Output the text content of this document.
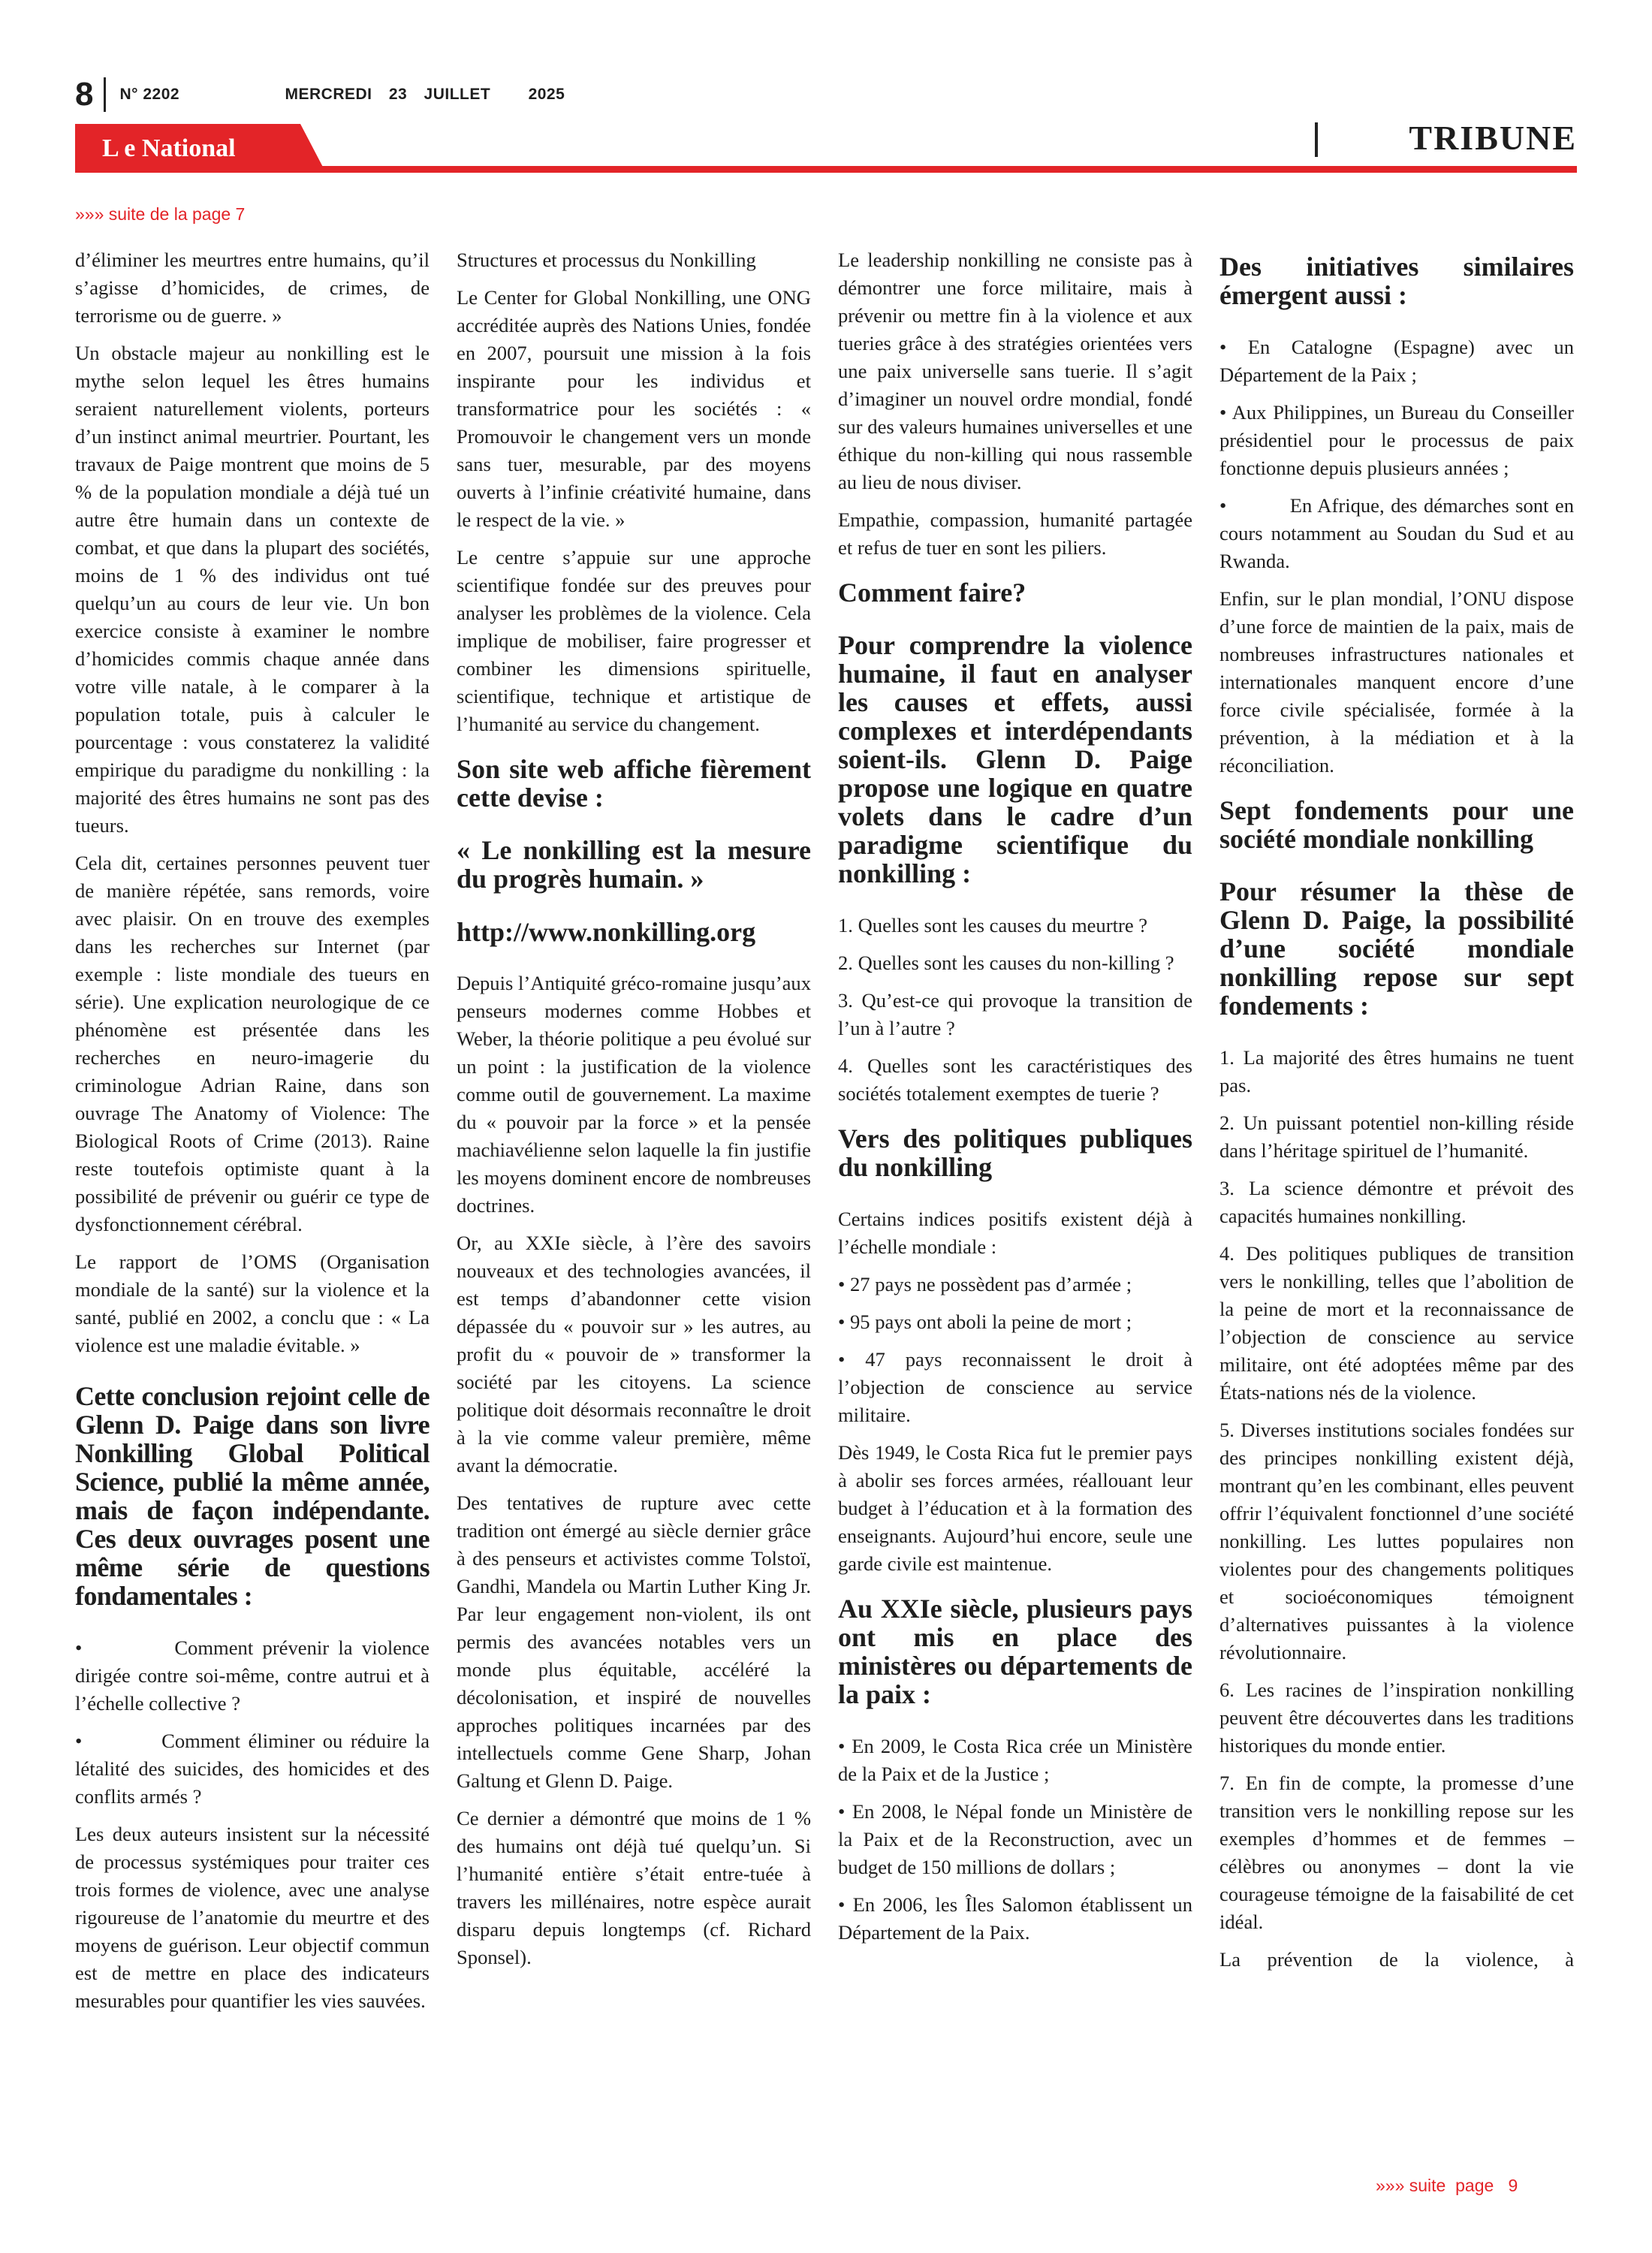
8 N° 2202	MERCREDI 23 JUILLET 2025
L e National	TRIBUNE
»»» suite de la page 7

d’éliminer les meurtres entre humains, qu’il s’agisse d’homicides, de crimes, de terrorisme ou de guerre. »

Un obstacle majeur au nonkilling est le mythe selon lequel les êtres humains seraient naturellement violents, porteurs d’un instinct animal meurtrier. Pourtant, les travaux de Paige montrent que moins de 5 % de la population mondiale a déjà tué un autre être humain dans un contexte de combat, et que dans la plupart des sociétés, moins de 1 % des individus ont tué quelqu’un au cours de leur vie. Un bon exercice consiste à examiner le nombre d’homicides commis chaque année dans votre ville natale, à le comparer à la population totale, puis à calculer le pourcentage : vous constaterez la validité empirique du paradigme du nonkilling : la majorité des êtres humains ne sont pas des tueurs.

Cela dit, certaines personnes peuvent tuer de manière répétée, sans remords, voire avec plaisir. On en trouve des exemples dans les recherches sur Internet (par exemple : liste mondiale des tueurs en série). Une explication neurologique de ce phénomène est présentée dans les recherches en neuro-imagerie du criminologue Adrian Raine, dans son ouvrage The Anatomy of Violence: The Biological Roots of Crime (2013). Raine reste toutefois optimiste quant à la possibilité de prévenir ou guérir ce type de dysfonctionnement cérébral.

Le rapport de l’OMS (Organisation mondiale de la santé) sur la violence et la santé, publié en 2002, a conclu que : « La violence est une maladie évitable. »

Cette conclusion rejoint celle de Glenn D. Paige dans son livre Nonkilling Global Political Science, publié la même année, mais de façon indépendante. Ces deux ouvrages posent une même série de questions fondamentales :

•          Comment prévenir la violence dirigée contre soi-même, contre autrui et à l’échelle collective ?

•          Comment éliminer ou réduire la létalité des suicides, des homicides et des conflits armés ?

Les deux auteurs insistent sur la nécessité de processus systémiques pour traiter ces trois formes de violence, avec une analyse rigoureuse de l’anatomie du meurtre et des moyens de guérison. Leur objectif commun est de mettre en place des indicateurs mesurables pour quantifier les vies sauvées.

Structures et processus du Nonkilling

Le Center for Global Nonkilling, une ONG accréditée auprès des Nations Unies, fondée en 2007, poursuit une mission à la fois inspirante pour les individus et transformatrice pour les sociétés : « Promouvoir le changement vers un monde sans tuer, mesurable, par des moyens ouverts à l’infinie créativité humaine, dans le respect de la vie. »

Le centre s’appuie sur une approche scientifique fondée sur des preuves pour analyser les problèmes de la violence. Cela implique de mobiliser, faire progresser et combiner les dimensions spirituelle, scientifique, technique et artistique de l’humanité au service du changement.

Son site web affiche fièrement cette devise :
« Le nonkilling est la mesure du progrès humain. »
http://www.nonkilling.org

Depuis l’Antiquité gréco-romaine jusqu’aux penseurs modernes comme Hobbes et Weber, la théorie politique a peu évolué sur un point : la justification de la violence comme outil de gouvernement. La maxime du « pouvoir par la force » et la pensée machiavélienne selon laquelle la fin justifie les moyens dominent encore de nombreuses doctrines.

Or, au XXIe siècle, à l’ère des savoirs nouveaux et des technologies avancées, il est temps d’abandonner cette vision dépassée du « pouvoir sur » les autres, au profit du « pouvoir de » transformer la société par les citoyens. La science politique doit désormais reconnaître le droit à la vie comme valeur première, même avant la démocratie.

Des tentatives de rupture avec cette tradition ont émergé au siècle dernier grâce à des penseurs et activistes comme Tolstoï, Gandhi, Mandela ou Martin Luther King Jr. Par leur engagement non-violent, ils ont permis des avancées notables vers un monde plus équitable, accéléré la décolonisation, et inspiré de nouvelles approches politiques incarnées par des intellectuels comme Gene Sharp, Johan Galtung et Glenn D. Paige.

Ce dernier a démontré que moins de 1 % des humains ont déjà tué quelqu’un. Si l’humanité entière s’était entre-tuée à travers les millénaires, notre espèce aurait disparu depuis longtemps (cf. Richard Sponsel).

Le leadership nonkilling ne consiste pas à démontrer une force militaire, mais à prévenir ou mettre fin à la violence et aux tueries grâce à des stratégies orientées vers une paix universelle sans tuerie. Il s’agit d’imaginer un nouvel ordre mondial, fondé sur des valeurs humaines universelles et une éthique du non-killing qui nous rassemble au lieu de nous diviser.

Empathie, compassion, humanité partagée et refus de tuer en sont les piliers.

Comment faire?
Pour comprendre la violence humaine, il faut en analyser les causes et effets, aussi complexes et interdépendants soient-ils. Glenn D. Paige propose une logique en quatre volets dans le cadre d’un paradigme scientifique du nonkilling :

1. Quelles sont les causes du meurtre ?

2. Quelles sont les causes du non-killing ?

3. Qu’est-ce qui provoque la transition de l’un à l’autre ?

4. Quelles sont les caractéristiques des sociétés totalement exemptes de tuerie ?

Vers des politiques publiques du nonkilling

Certains indices positifs existent déjà à l’échelle mondiale :

• 27 pays ne possèdent pas d’armée ;

• 95 pays ont aboli la peine de mort ;

• 47 pays reconnaissent le droit à l’objection de conscience au service militaire.

Dès 1949, le Costa Rica fut le premier pays à abolir ses forces armées, réallouant leur budget à l’éducation et à la formation des enseignants. Aujourd’hui encore, seule une garde civile est maintenue.

Au XXIe siècle, plusieurs pays ont mis en place des ministères ou départements de la paix :

• En 2009, le Costa Rica crée un Ministère de la Paix et de la Justice ;

• En 2008, le Népal fonde un Ministère de la Paix et de la Reconstruction, avec un budget de 150 millions de dollars ;

• En 2006, les Îles Salomon établissent un Département de la Paix.

Des initiatives similaires émergent aussi :

• En Catalogne (Espagne) avec un Département de la Paix ;

• Aux Philippines, un Bureau du Conseiller présidentiel pour le processus de paix fonctionne depuis plusieurs années ;

•          En Afrique, des démarches sont en cours notamment au Soudan du Sud et au Rwanda.

Enfin, sur le plan mondial, l’ONU dispose d’une force de maintien de la paix, mais de nombreuses infrastructures nationales et internationales manquent encore d’une force civile spécialisée, formée à la prévention, à la médiation et à la réconciliation.

Sept fondements pour une société mondiale nonkilling
Pour résumer la thèse de Glenn D. Paige, la possibilité d’une société mondiale nonkilling repose sur sept fondements :

1. La majorité des êtres humains ne tuent pas.

2. Un puissant potentiel non-killing réside dans l’héritage spirituel de l’humanité.

3. La science démontre et prévoit des capacités humaines nonkilling.

4. Des politiques publiques de transition vers le nonkilling, telles que l’abolition de la peine de mort et la reconnaissance de l’objection de conscience au service militaire, ont été adoptées même par des États-nations nés de la violence.

5. Diverses institutions sociales fondées sur des principes nonkilling existent déjà, montrant qu’en les combinant, elles peuvent offrir l’équivalent fonctionnel d’une société nonkilling. Les luttes populaires non violentes pour des changements politiques et socioéconomiques témoignent d’alternatives puissantes à la violence révolutionnaire.

6. Les racines de l’inspiration nonkilling peuvent être découvertes dans les traditions historiques du monde entier.

7. En fin de compte, la promesse d’une transition vers le nonkilling repose sur les exemples d’hommes et de femmes – célèbres ou anonymes – dont la vie courageuse témoigne de la faisabilité de cet idéal.

La prévention de la violence, à

»»» suite  page   9
